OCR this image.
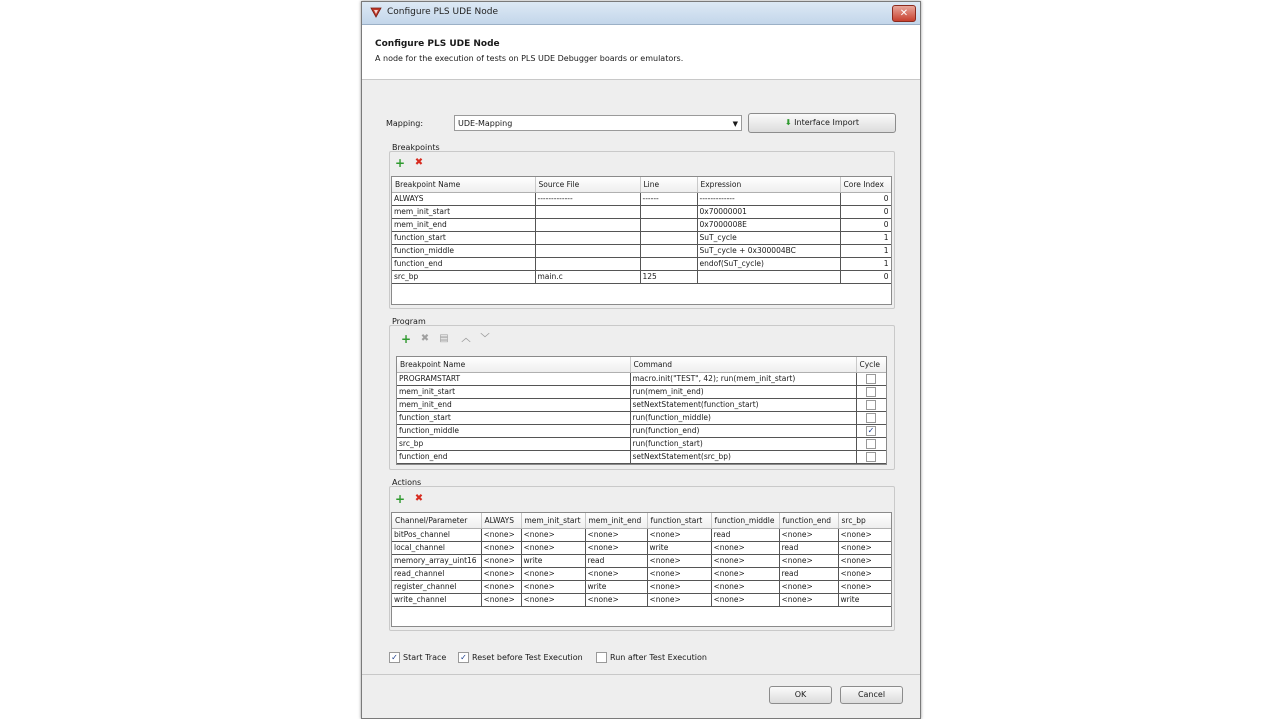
Configure PLS UDE Node	✕
Configure PLS UDE Node
A node for the execution of tests on PLS UDE Debugger boards or emulators.
Mapping:	UDE-Mapping	▼	⬇ Interface Import
Breakpoints
+ ✖
Breakpoint Name	Source File	Line	Expression	Core Index
ALWAYS	-------------	------	-------------	0
mem_init_start			0x70000001	0
mem_init_end			0x7000008E	0
function_start			SuT_cycle	1
function_middle			SuT_cycle + 0x300004BC	1
function_end			endof(SuT_cycle)	1
src_bp	main.c	125		0
Program
+ ✖ ▤ ︿ ﹀
Breakpoint Name	Command	Cycle
PROGRAMSTART	macro.init("TEST", 42); run(mem_init_start)	
mem_init_start	run(mem_init_end)	
mem_init_end	setNextStatement(function_start)	
function_start	run(function_middle)	
function_middle	run(function_end)	✓
src_bp	run(function_start)	
function_end	setNextStatement(src_bp)	
Actions
+ ✖
Channel/Parameter	ALWAYS	mem_init_start	mem_init_end	function_start	function_middle	function_end	src_bp
bitPos_channel	<none>	<none>	<none>	<none>	read	<none>	<none>
local_channel	<none>	<none>	<none>	write	<none>	read	<none>
memory_array_uint16	<none>	write	read	<none>	<none>	<none>	<none>
read_channel	<none>	<none>	<none>	<none>	<none>	read	<none>
register_channel	<none>	<none>	write	<none>	<none>	<none>	<none>
write_channel	<none>	<none>	<none>	<none>	<none>	<none>	write
✓ Start Trace ✓ Reset before Test Execution	Run after Test Execution
OK	Cancel
